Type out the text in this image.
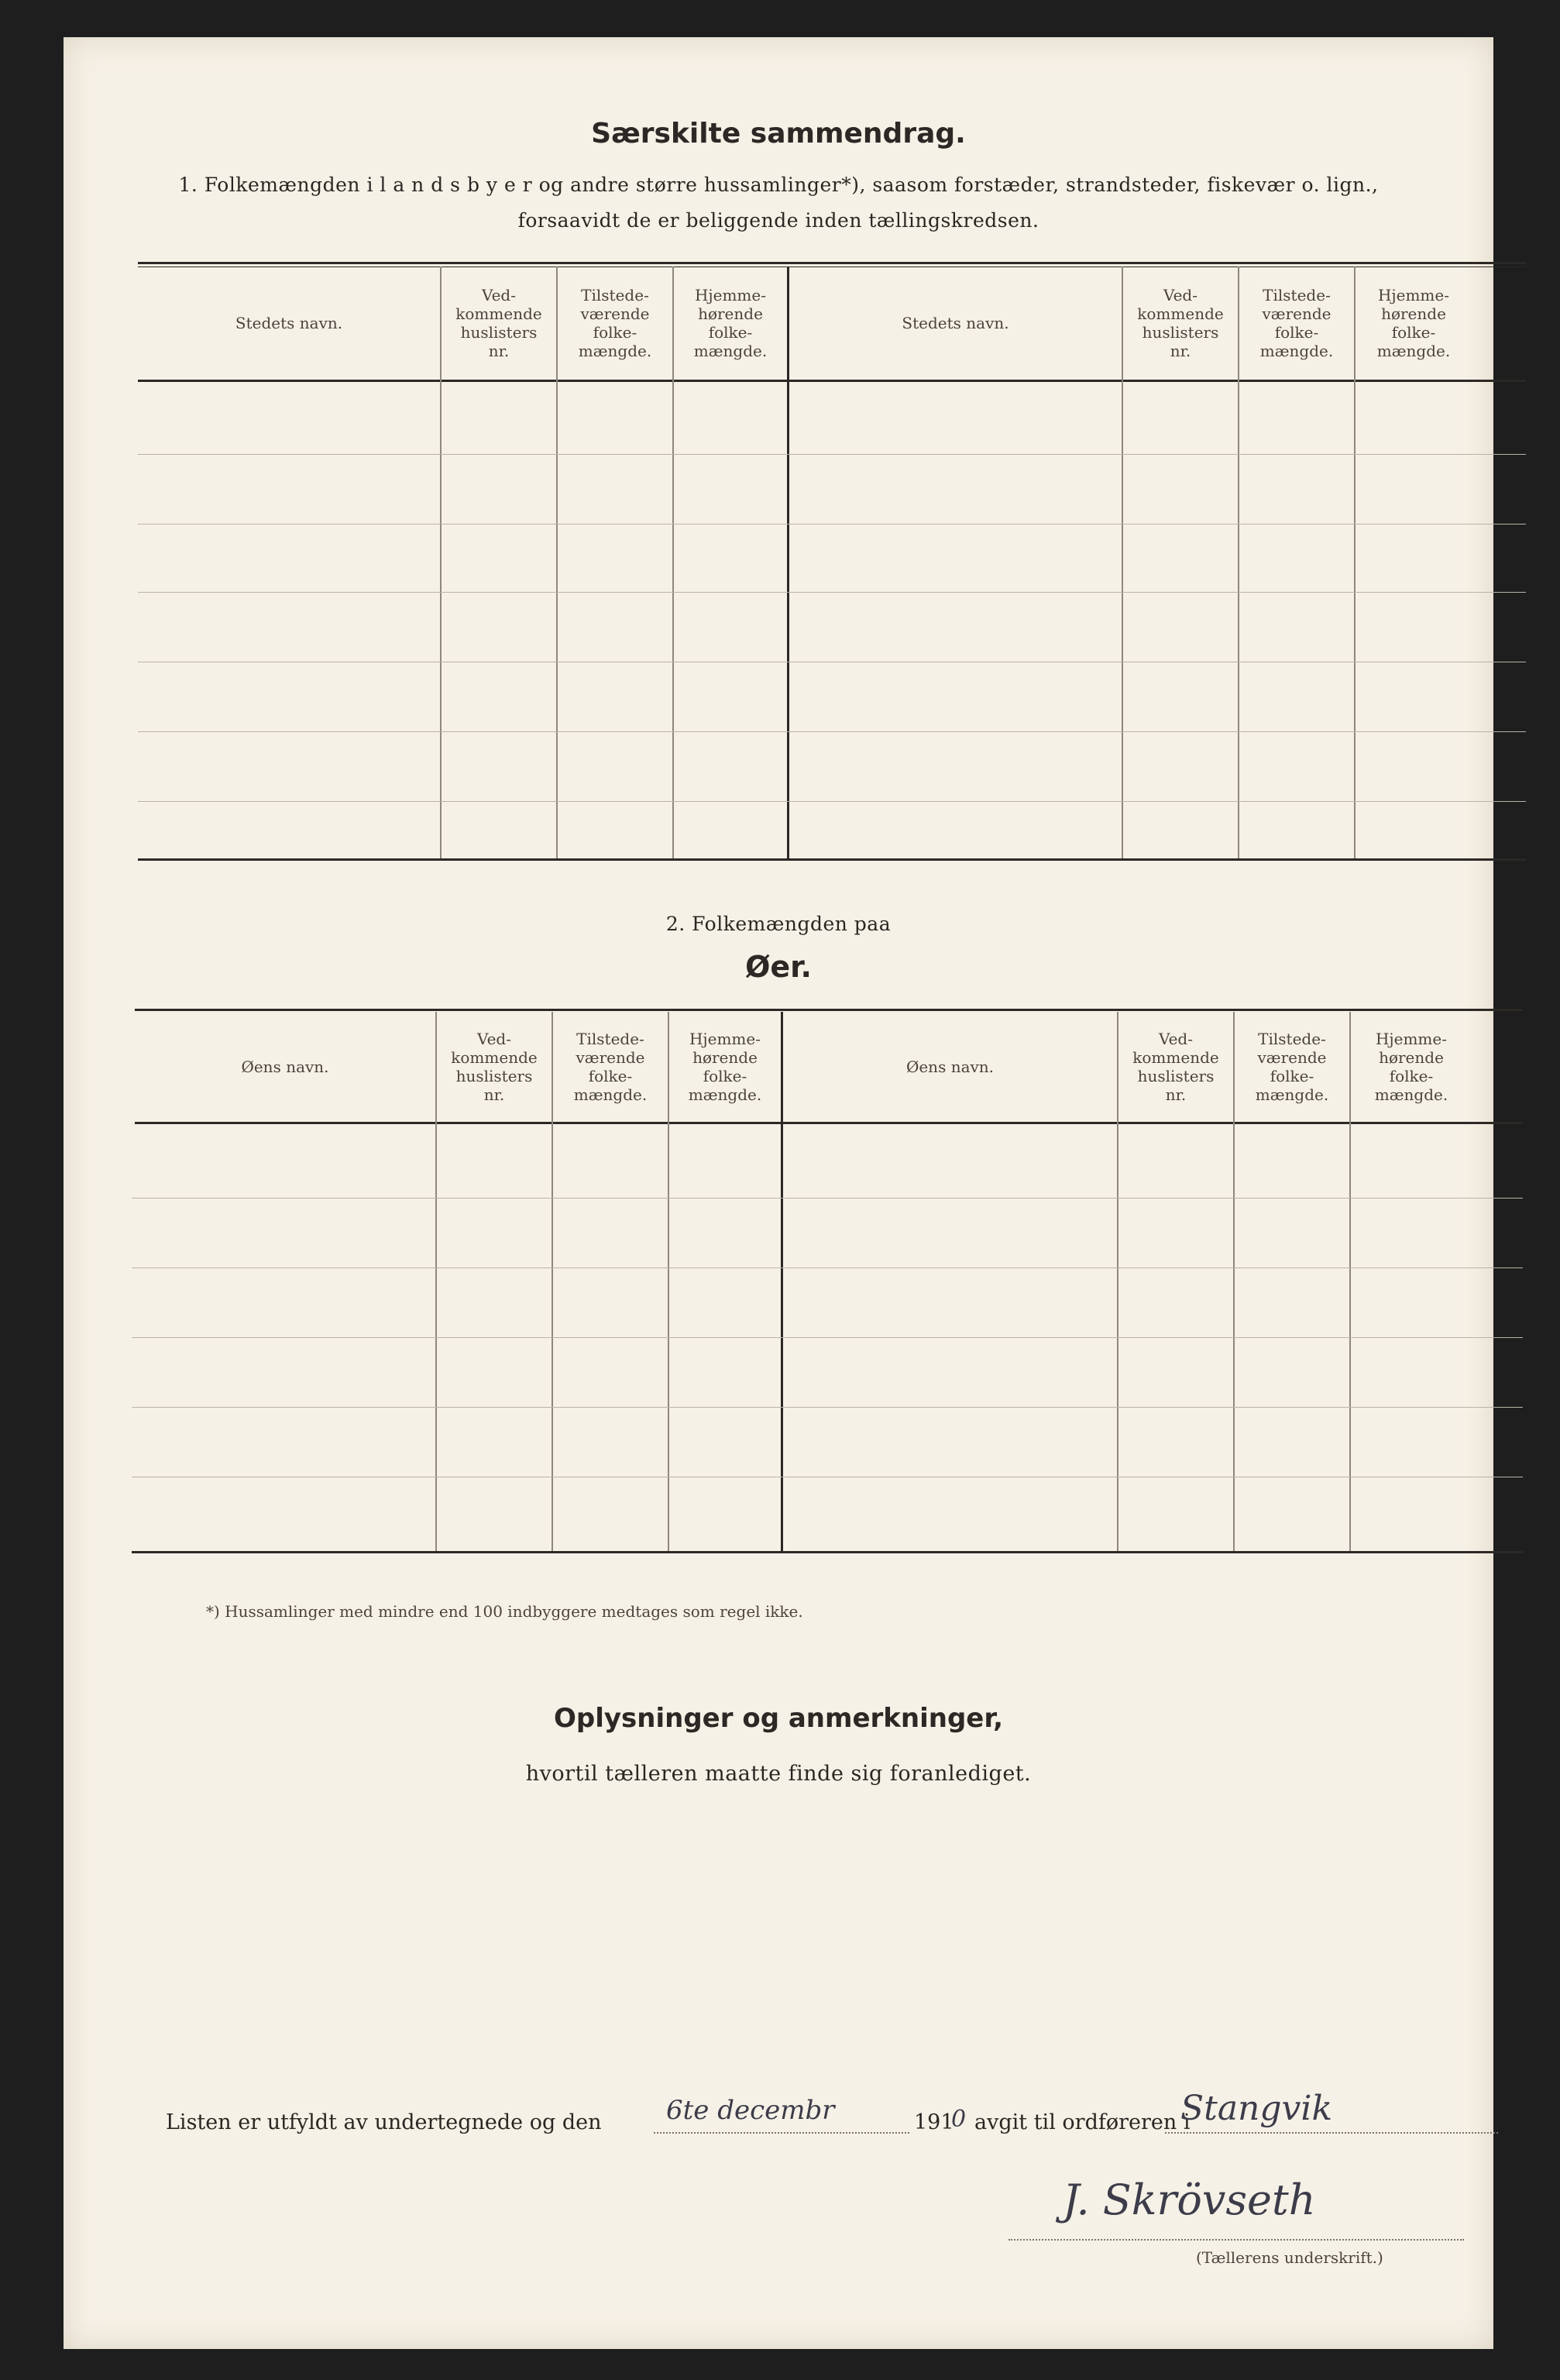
Særskilte sammendrag.
1. Folkemængden i l a n d s b y e r og andre større hussamlinger*), saasom forstæder, strandsteder, fiskevær o. lign.,
forsaavidt de er beliggende inden tællingskredsen.
Stedets navn.
Ved-
kommende
huslisters
nr.
Tilstede-
værende
folke-
mængde.
Hjemme-
hørende
folke-
mængde.
Stedets navn.
Ved-
kommende
huslisters
nr.
Tilstede-
værende
folke-
mængde.
Hjemme-
hørende
folke-
mængde.
2. Folkemængden paa
Øer.
Øens navn.
Ved-
kommende
huslisters
nr.
Tilstede-
værende
folke-
mængde.
Hjemme-
hørende
folke-
mængde.
Øens navn.
Ved-
kommende
huslisters
nr.
Tilstede-
værende
folke-
mængde.
Hjemme-
hørende
folke-
mængde.
*) Hussamlinger med mindre end 100 indbyggere medtages som regel ikke.
Oplysninger og anmerkninger,
hvortil tælleren maatte finde sig foranlediget.
Listen er utfyldt av undertegnede og den 6te decembr	191
0 avgit til ordføreren i
Stangvik
J. Skrövseth
(Tællerens underskrift.)
